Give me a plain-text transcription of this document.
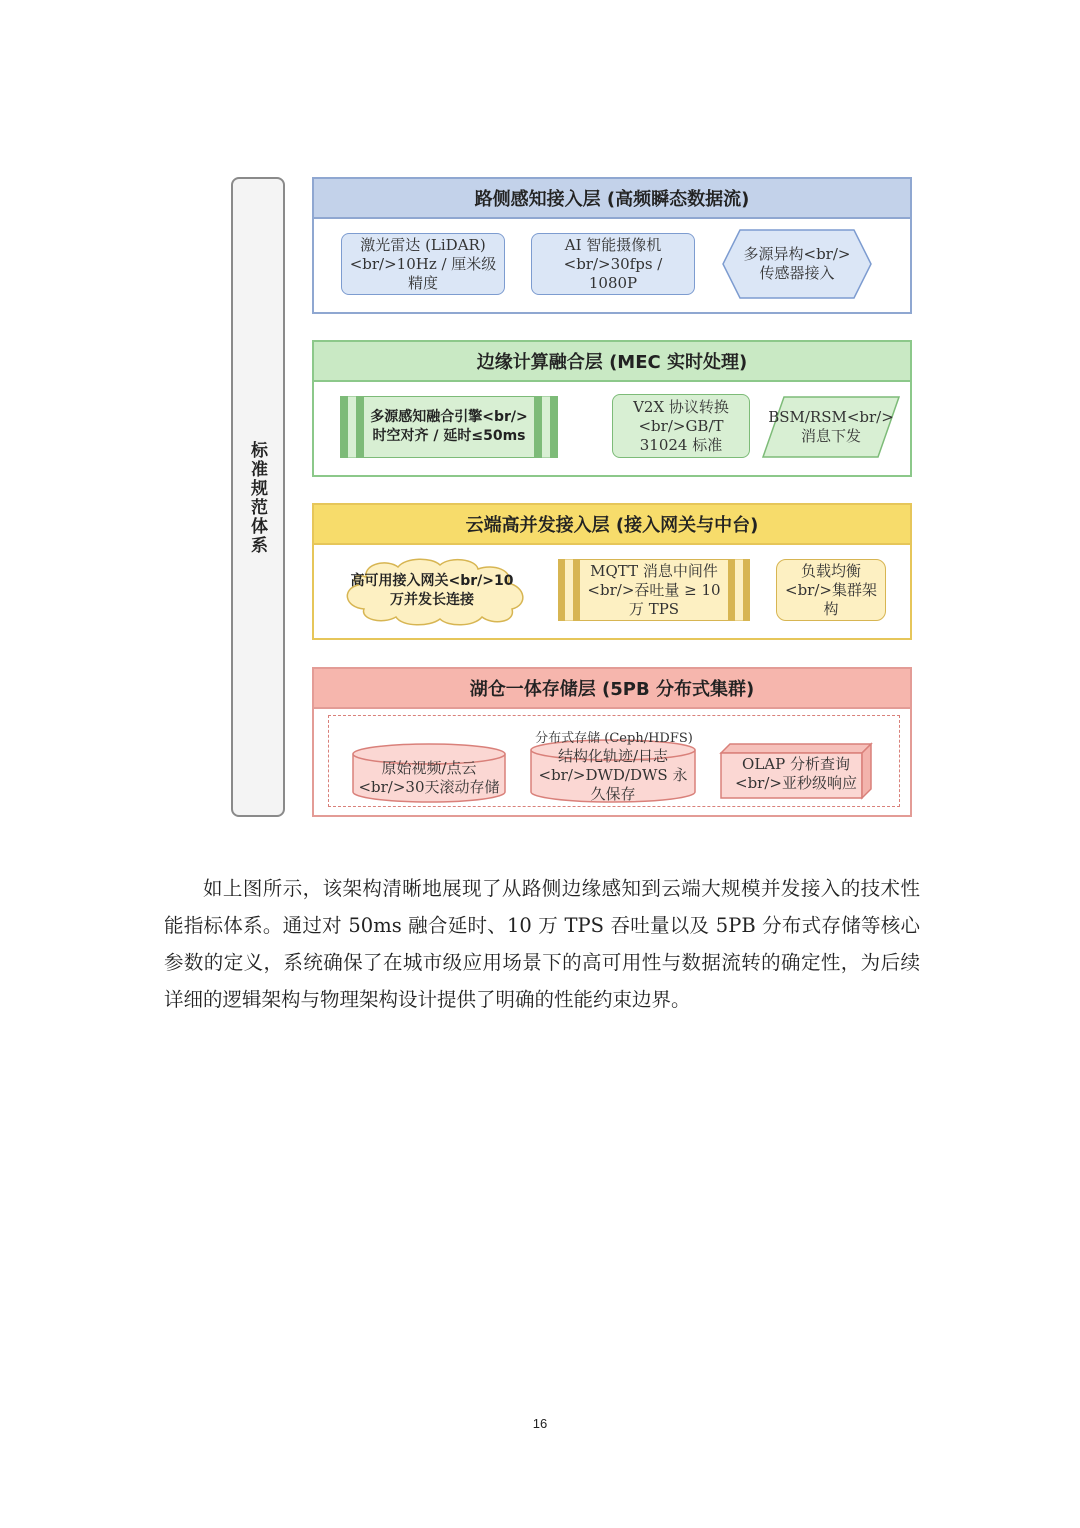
标准规范体系
路侧感知接入层 (高频瞬态数据流)
激光雷达 (LiDAR)<br/>10Hz / 厘米级精度
AI 智能摄像机<br/>30fps / 1080P
多源异构<br/>传感器接入
边缘计算融合层 (MEC 实时处理)
多源感知融合引擎<br/>时空对齐 / 延时≤50ms
V2X 协议转换<br/>GB/T 31024 标准
BSM/RSM<br/>消息下发
云端高并发接入层 (接入网关与中台)
高可用接入网关<br/>10万并发长连接
MQTT 消息中间件<br/>吞吐量 ≥ 10万 TPS
负载均衡<br/>集群架构
湖仓一体存储层 (5PB 分布式集群)
分布式存储 (Ceph/HDFS)
原始视频/点云<br/>30天滚动存储
结构化轨迹/日志<br/>DWD/DWS 永久保存
OLAP 分析查询<br/>亚秒级响应

如上图所示，该架构清晰地展现了从路侧边缘感知到云端大规模并发接入的技术性能指标体系。通过对 50ms 融合延时、10 万 TPS 吞吐量以及 5PB 分布式存储等核心参数的定义，系统确保了在城市级应用场景下的高可用性与数据流转的确定性，为后续详细的逻辑架构与物理架构设计提供了明确的性能约束边界。

16
